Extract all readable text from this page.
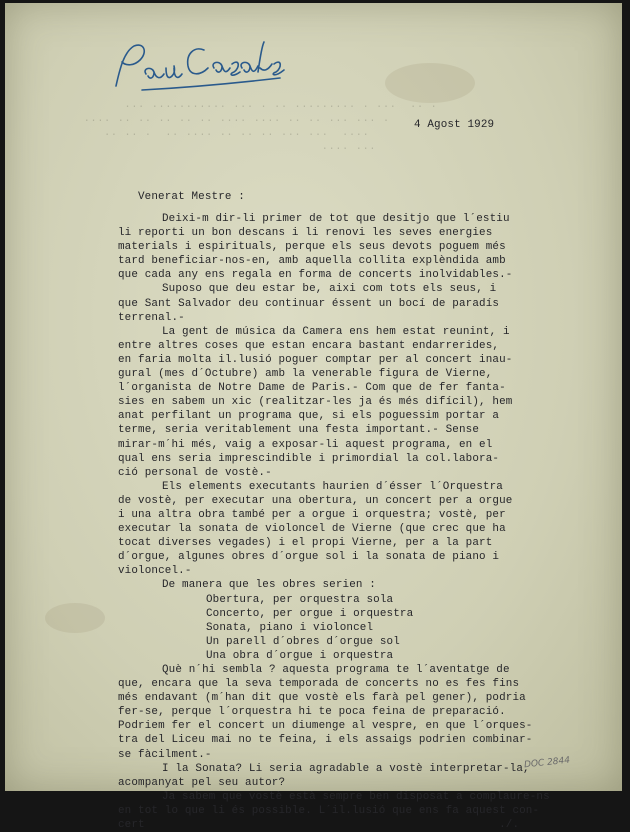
··· ··········· ··· · ·· ········· · ···  ·· ·
···· ·· ·· ·· ·· ·· ···· ···· ·· ·· ··· ··· ·
·· ·· ·  ·· ···· ·· ·· ·· ··· ···  ····
···· ···
4 Agost 1929
Venerat Mestre :
Deixi-m dir-li primer de tot que desitjo que l´estiu
li reporti un bon descans i li renovi les seves energies
materials i espirituals, perque els seus devots poguem més
tard beneficiar-nos-en, amb aquella collita explèndida amb
que cada any ens regala en forma de concerts inolvidables.-
Suposo que deu estar be, aixi com tots els seus, i
que Sant Salvador deu continuar éssent un bocí de paradís
terrenal.-
La gent de música da Camera ens hem estat reunint, i
entre altres coses que estan encara bastant endarrerides,
en faria molta il.lusió poguer comptar per al concert inau-
gural (mes d´Octubre) amb la venerable figura de Vierne,
l´organista de Notre Dame de Paris.- Com que de fer fanta-
sies en sabem un xic (realitzar-les ja és més difícil), hem
anat perfilant un programa que, si els poguessim portar a
terme, seria veritablement una festa important.- Sense
mirar-m´hi més, vaig a exposar-li aquest programa, en el
qual ens seria imprescindible i primordial la col.labora-
ció personal de vostè.-
Els elements executants haurien d´ésser l´Orquestra
de vostè, per executar una obertura, un concert per a orgue
i una altra obra també per a orgue i orquestra; vostè, per
executar la sonata de violoncel de Vierne (que crec que ha
tocat diverses vegades) i el propi Vierne, per a la part
d´orgue, algunes obres d´orgue sol i la sonata de piano i
violoncel.-
De manera que les obres serien :
Obertura, per orquestra sola
Concerto, per orgue i orquestra
Sonata, piano i violoncel
Un parell d´obres d´orgue sol
Una obra d´orgue i orquestra
Què n´hi sembla ? aquesta programa te l´aventatge de
que, encara que la seva temporada de concerts no es fes fins
més endavant (m´han dit que vostè els farà pel gener), podria
fer-se, perque l´orquestra hi te poca feina de preparació.
Podriem fer el concert un diumenge al vespre, en que l´orques-
tra del Liceu mai no te feina, i els assaigs podrien combinar-
se fàcilment.-
I la Sonata? Li seria agradable a vostè interpretar-la,
acompanyat pel seu autor?
Ja sabem que vostè està sempre ben disposat a complaure-ns
en tot lo que li és possible. L´il.lusió que ens fa aquest con-
cert                                                     ./.
DOC 2844
